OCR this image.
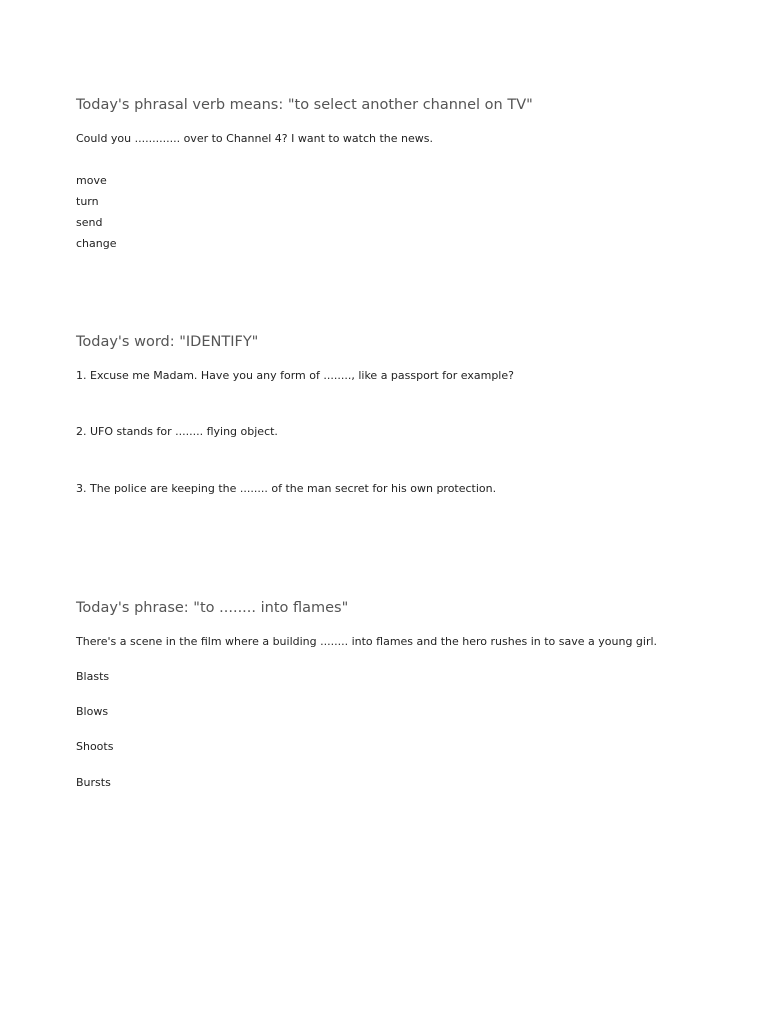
Today's phrasal verb means: "to select another channel on TV"

Could you ............. over to Channel 4? I want to watch the news.

move

turn

send

change

Today's word: "IDENTIFY"

1. Excuse me Madam. Have you any form of ........, like a passport for example?

2. UFO stands for ........ flying object.

3. The police are keeping the ........ of the man secret for his own protection.

Today's phrase: "to ........ into flames"

There's a scene in the film where a building ........ into flames and the hero rushes in to save a young girl.

Blasts

Blows

Shoots

Bursts
